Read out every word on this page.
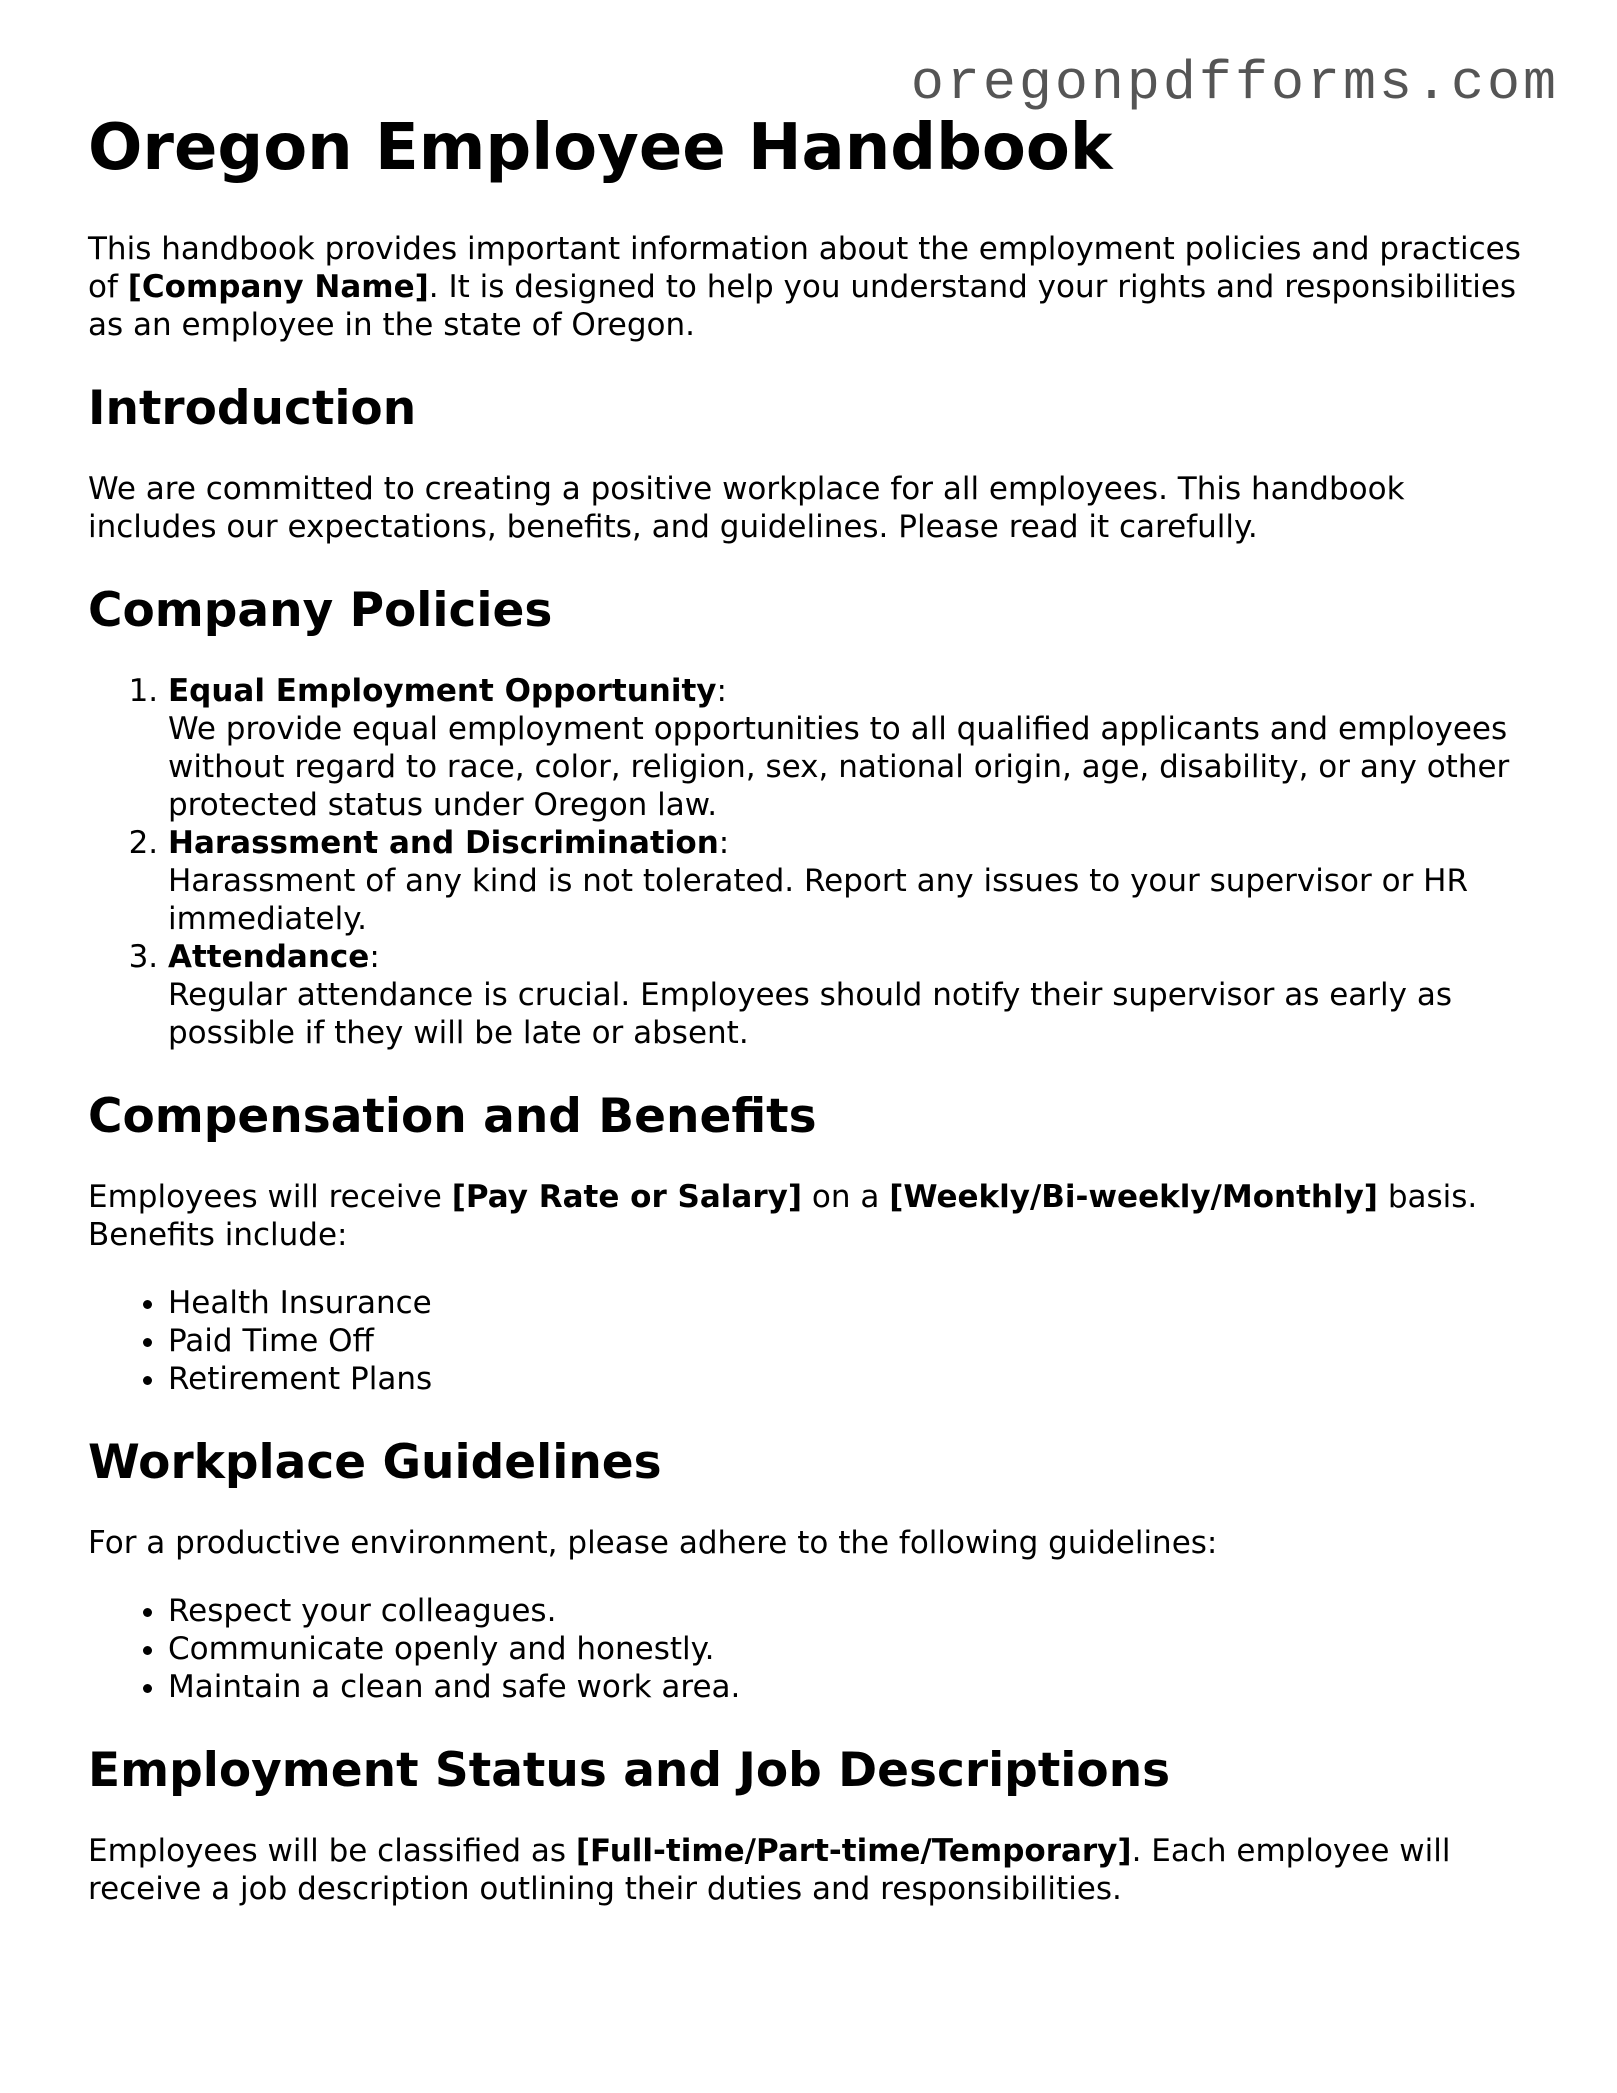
oregonpdfforms.com
Oregon Employee Handbook

This handbook provides important information about the employment policies and practices of [Company Name]. It is designed to help you understand your rights and responsibilities as an employee in the state of Oregon.

Introduction

We are committed to creating a positive workplace for all employees. This handbook includes our expectations, benefits, and guidelines. Please read it carefully.

Company Policies
1. Equal Employment Opportunity:
We provide equal employment opportunities to all qualified applicants and employees without regard to race, color, religion, sex, national origin, age, disability, or any other protected status under Oregon law.
2. Harassment and Discrimination:
Harassment of any kind is not tolerated. Report any issues to your supervisor or HR immediately.
3. Attendance:
Regular attendance is crucial. Employees should notify their supervisor as early as possible if they will be late or absent.
Compensation and Benefits

Employees will receive [Pay Rate or Salary] on a [Weekly/Bi-weekly/Monthly] basis. Benefits include:

• Health Insurance
• Paid Time Off
• Retirement Plans
Workplace Guidelines

For a productive environment, please adhere to the following guidelines:

• Respect your colleagues.
• Communicate openly and honestly.
• Maintain a clean and safe work area.
Employment Status and Job Descriptions

Employees will be classified as [Full-time/Part-time/Temporary]. Each employee will receive a job description outlining their duties and responsibilities.
